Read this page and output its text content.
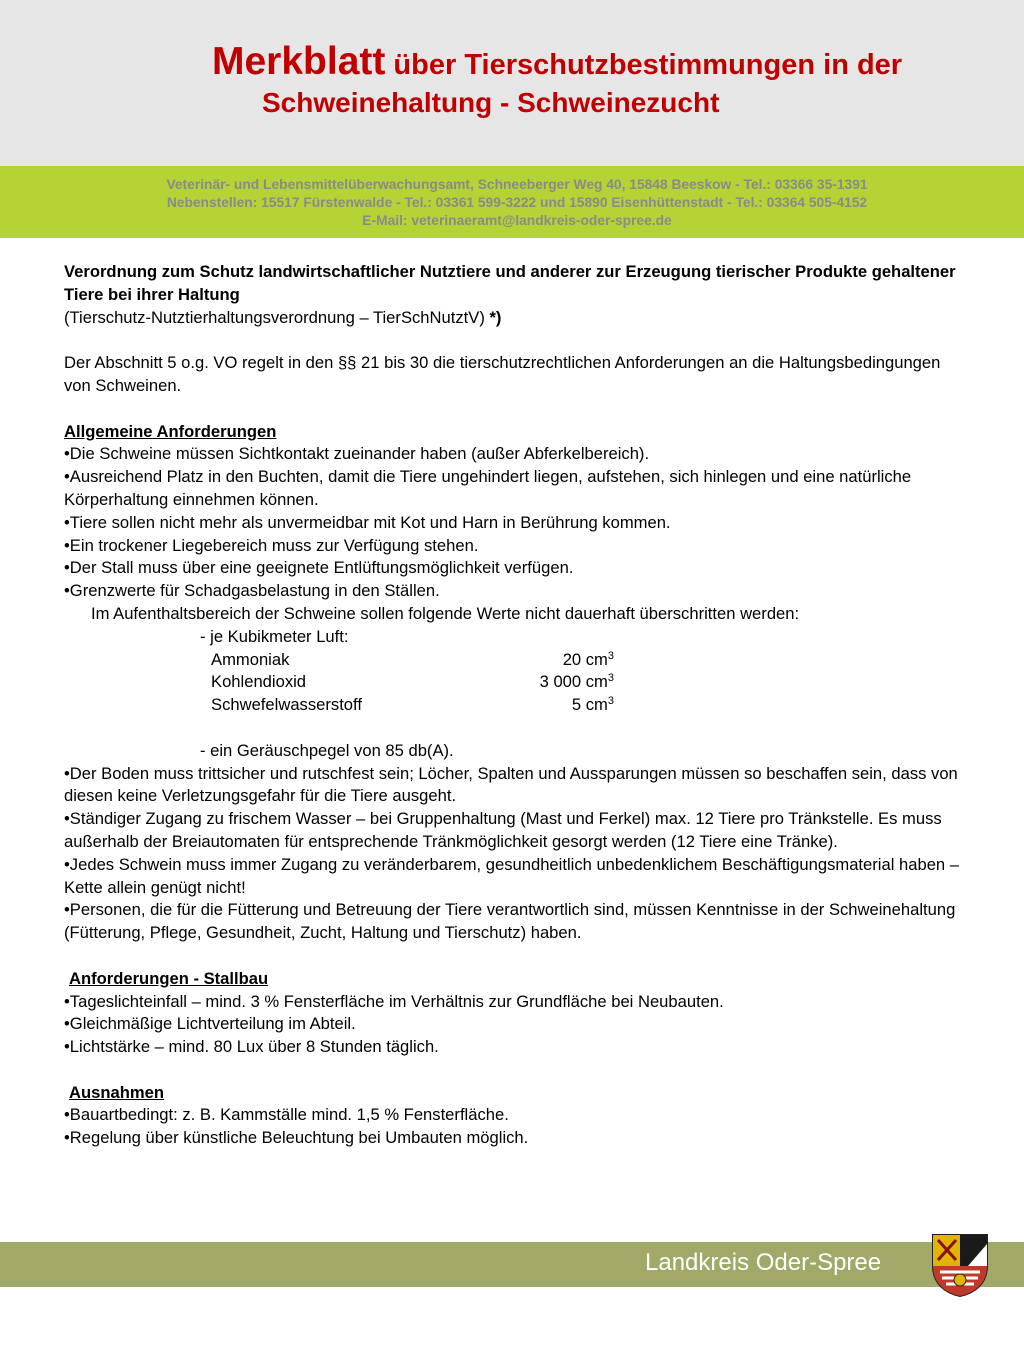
Merkblatt über Tierschutzbestimmungen in der
Schweinehaltung - Schweinezucht
Veterinär- und Lebensmittelüberwachungsamt, Schneeberger Weg 40, 15848 Beeskow - Tel.: 03366 35-1391
Nebenstellen: 15517 Fürstenwalde - Tel.: 03361 599-3222 und 15890 Eisenhüttenstadt - Tel.: 03364 505-4152
E-Mail: veterinaeramt@landkreis-oder-spree.de

Verordnung zum Schutz landwirtschaftlicher Nutztiere und anderer zur Erzeugung tierischer Produkte gehaltener Tiere bei ihrer Haltung

(Tierschutz-Nutztierhaltungsverordnung – TierSchNutztV) *)

Der Abschnitt 5 o.g. VO regelt in den §§ 21 bis 30 die tierschutzrechtlichen Anforderungen an die Haltungsbedingungen von Schweinen.

Allgemeine Anforderungen

•Die Schweine müssen Sichtkontakt zueinander haben (außer Abferkelbereich).

•Ausreichend Platz in den Buchten, damit die Tiere ungehindert liegen, aufstehen, sich hinlegen und eine natürliche Körperhaltung einnehmen können.

•Tiere sollen nicht mehr als unvermeidbar mit Kot und Harn in Berührung kommen.

•Ein trockener Liegebereich muss zur Verfügung stehen.

•Der Stall muss über eine geeignete Entlüftungsmöglichkeit verfügen.

•Grenzwerte für Schadgasbelastung in den Ställen.

Im Aufenthaltsbereich der Schweine sollen folgende Werte nicht dauerhaft überschritten werden:

- je Kubikmeter Luft:

Ammoniak	20 $cm^3$
Kohlendioxid	3 000 $cm^3$
Schwefelwasserstoff	5 $cm^3$

- ein Geräuschpegel von 85 db(A).

•Der Boden muss trittsicher und rutschfest sein; Löcher, Spalten und Aussparungen müssen so beschaffen sein, dass von diesen keine Verletzungsgefahr für die Tiere ausgeht.

•Ständiger Zugang zu frischem Wasser – bei Gruppenhaltung (Mast und Ferkel) max. 12 Tiere pro Tränkstelle. Es muss außerhalb der Breiautomaten für entsprechende Tränkmöglichkeit gesorgt werden (12 Tiere eine Tränke).

•Jedes Schwein muss immer Zugang zu veränderbarem, gesundheitlich unbedenklichem Beschäftigungsmaterial haben – Kette allein genügt nicht!

•Personen, die für die Fütterung und Betreuung der Tiere verantwortlich sind, müssen Kenntnisse in der Schweinehaltung (Fütterung, Pflege, Gesundheit, Zucht, Haltung und Tierschutz) haben.

Anforderungen - Stallbau

•Tageslichteinfall – mind. 3 % Fensterfläche im Verhältnis zur Grundfläche bei Neubauten.

•Gleichmäßige Lichtverteilung im Abteil.

•Lichtstärke – mind. 80 Lux über 8 Stunden täglich.

Ausnahmen

•Bauartbedingt: z. B. Kammställe mind. 1,5 % Fensterfläche.

•Regelung über künstliche Beleuchtung bei Umbauten möglich.

Landkreis Oder-Spree
